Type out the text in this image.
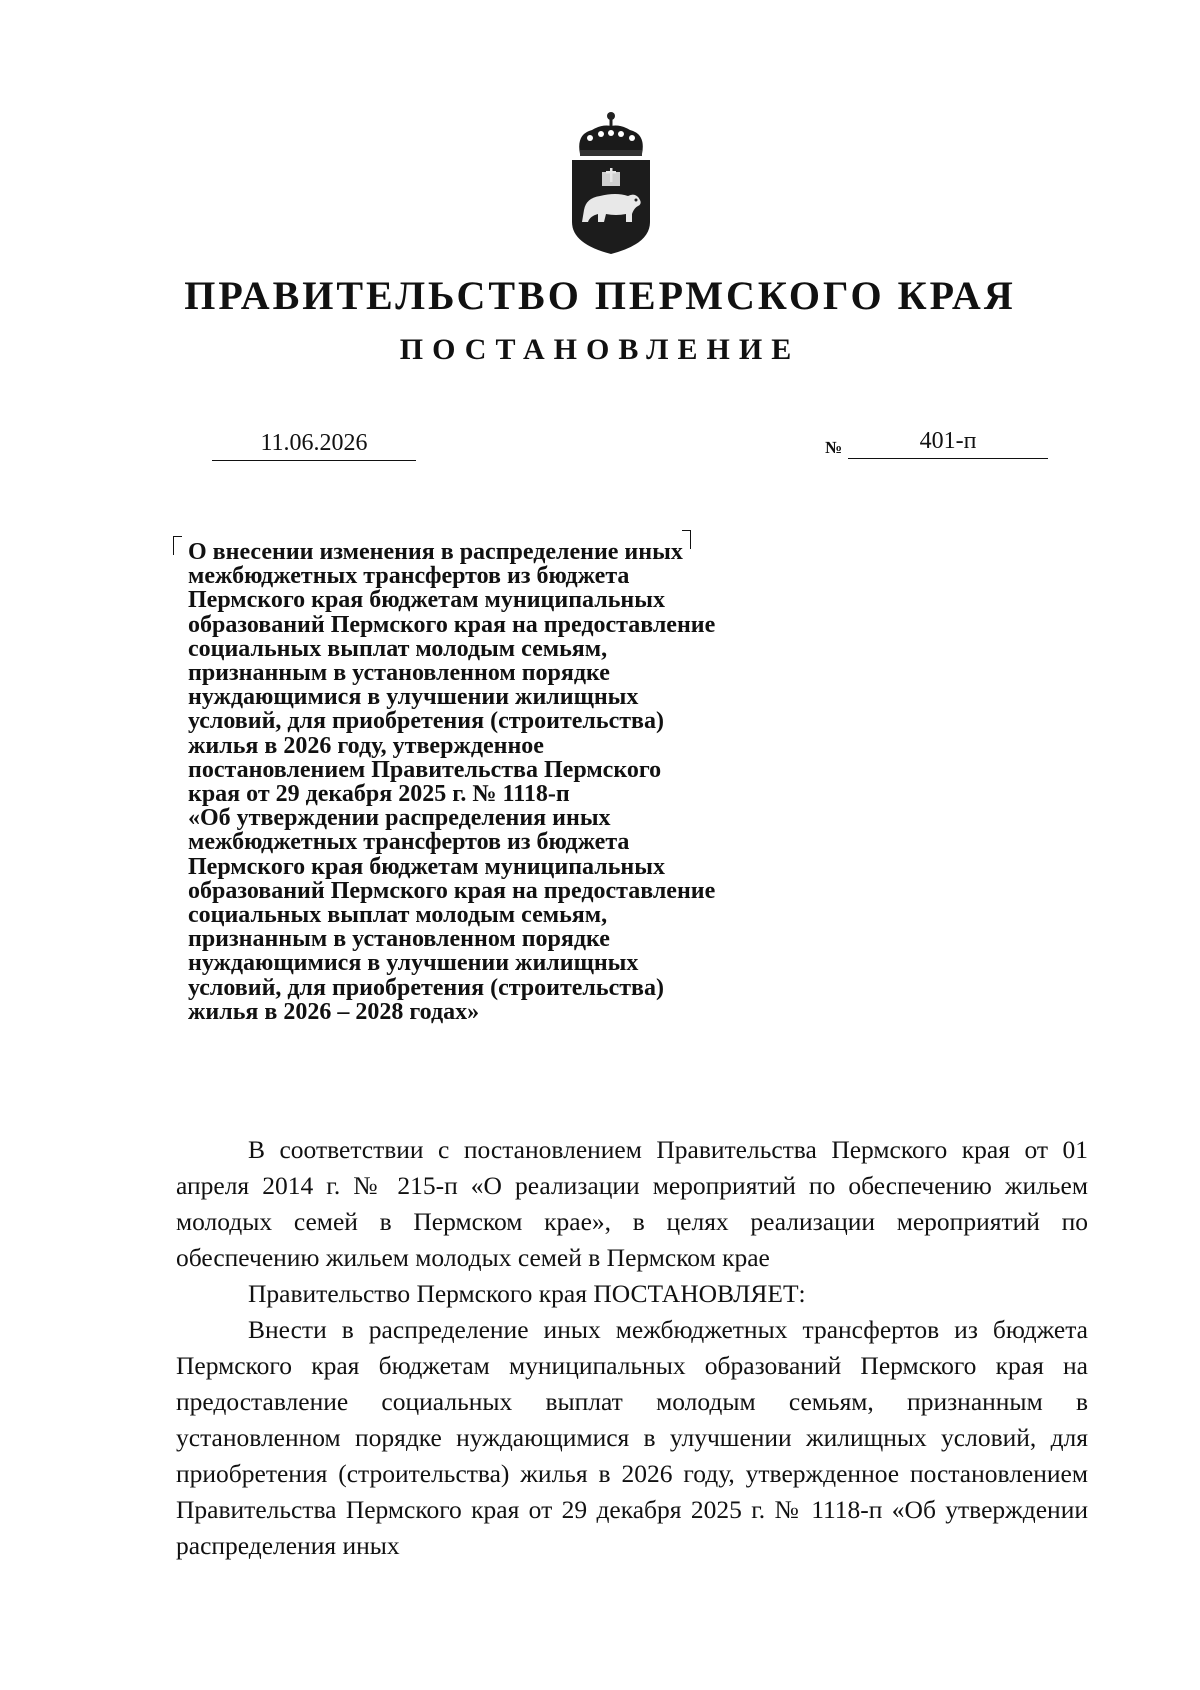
ПРАВИТЕЛЬСТВО ПЕРМСКОГО КРАЯ
ПОСТАНОВЛЕНИЕ
11.06.2026	№	401-п
О внесении изменения в распределение иных
межбюджетных трансфертов из бюджета
Пермского края бюджетам муниципальных
образований Пермского края на предоставление
социальных выплат молодым семьям,
признанным в установленном порядке
нуждающимися в улучшении жилищных
условий, для приобретения (строительства)
жилья в 2026 году, утвержденное
постановлением Правительства Пермского
края от 29 декабря 2025 г. № 1118-п
«Об утверждении распределения иных
межбюджетных трансфертов из бюджета
Пермского края бюджетам муниципальных
образований Пермского края на предоставление
социальных выплат молодым семьям,
признанным в установленном порядке
нуждающимися в улучшении жилищных
условий, для приобретения (строительства)
жилья в 2026 – 2028 годах»

В соответствии с постановлением Правительства Пермского края от 01 апреля 2014 г. № 215-п «О реализации мероприятий по обеспечению жильем молодых семей в Пермском крае», в целях реализации мероприятий по обеспечению жильем молодых семей в Пермском крае

Правительство Пермского края ПОСТАНОВЛЯЕТ:

Внести в распределение иных межбюджетных трансфертов из бюджета Пермского края бюджетам муниципальных образований Пермского края на предоставление социальных выплат молодым семьям, признанным в установленном порядке нуждающимися в улучшении жилищных условий, для приобретения (строительства) жилья в 2026 году, утвержденное постановлением Правительства Пермского края от 29 декабря 2025 г. № 1118-п «Об утверждении распределения иных
